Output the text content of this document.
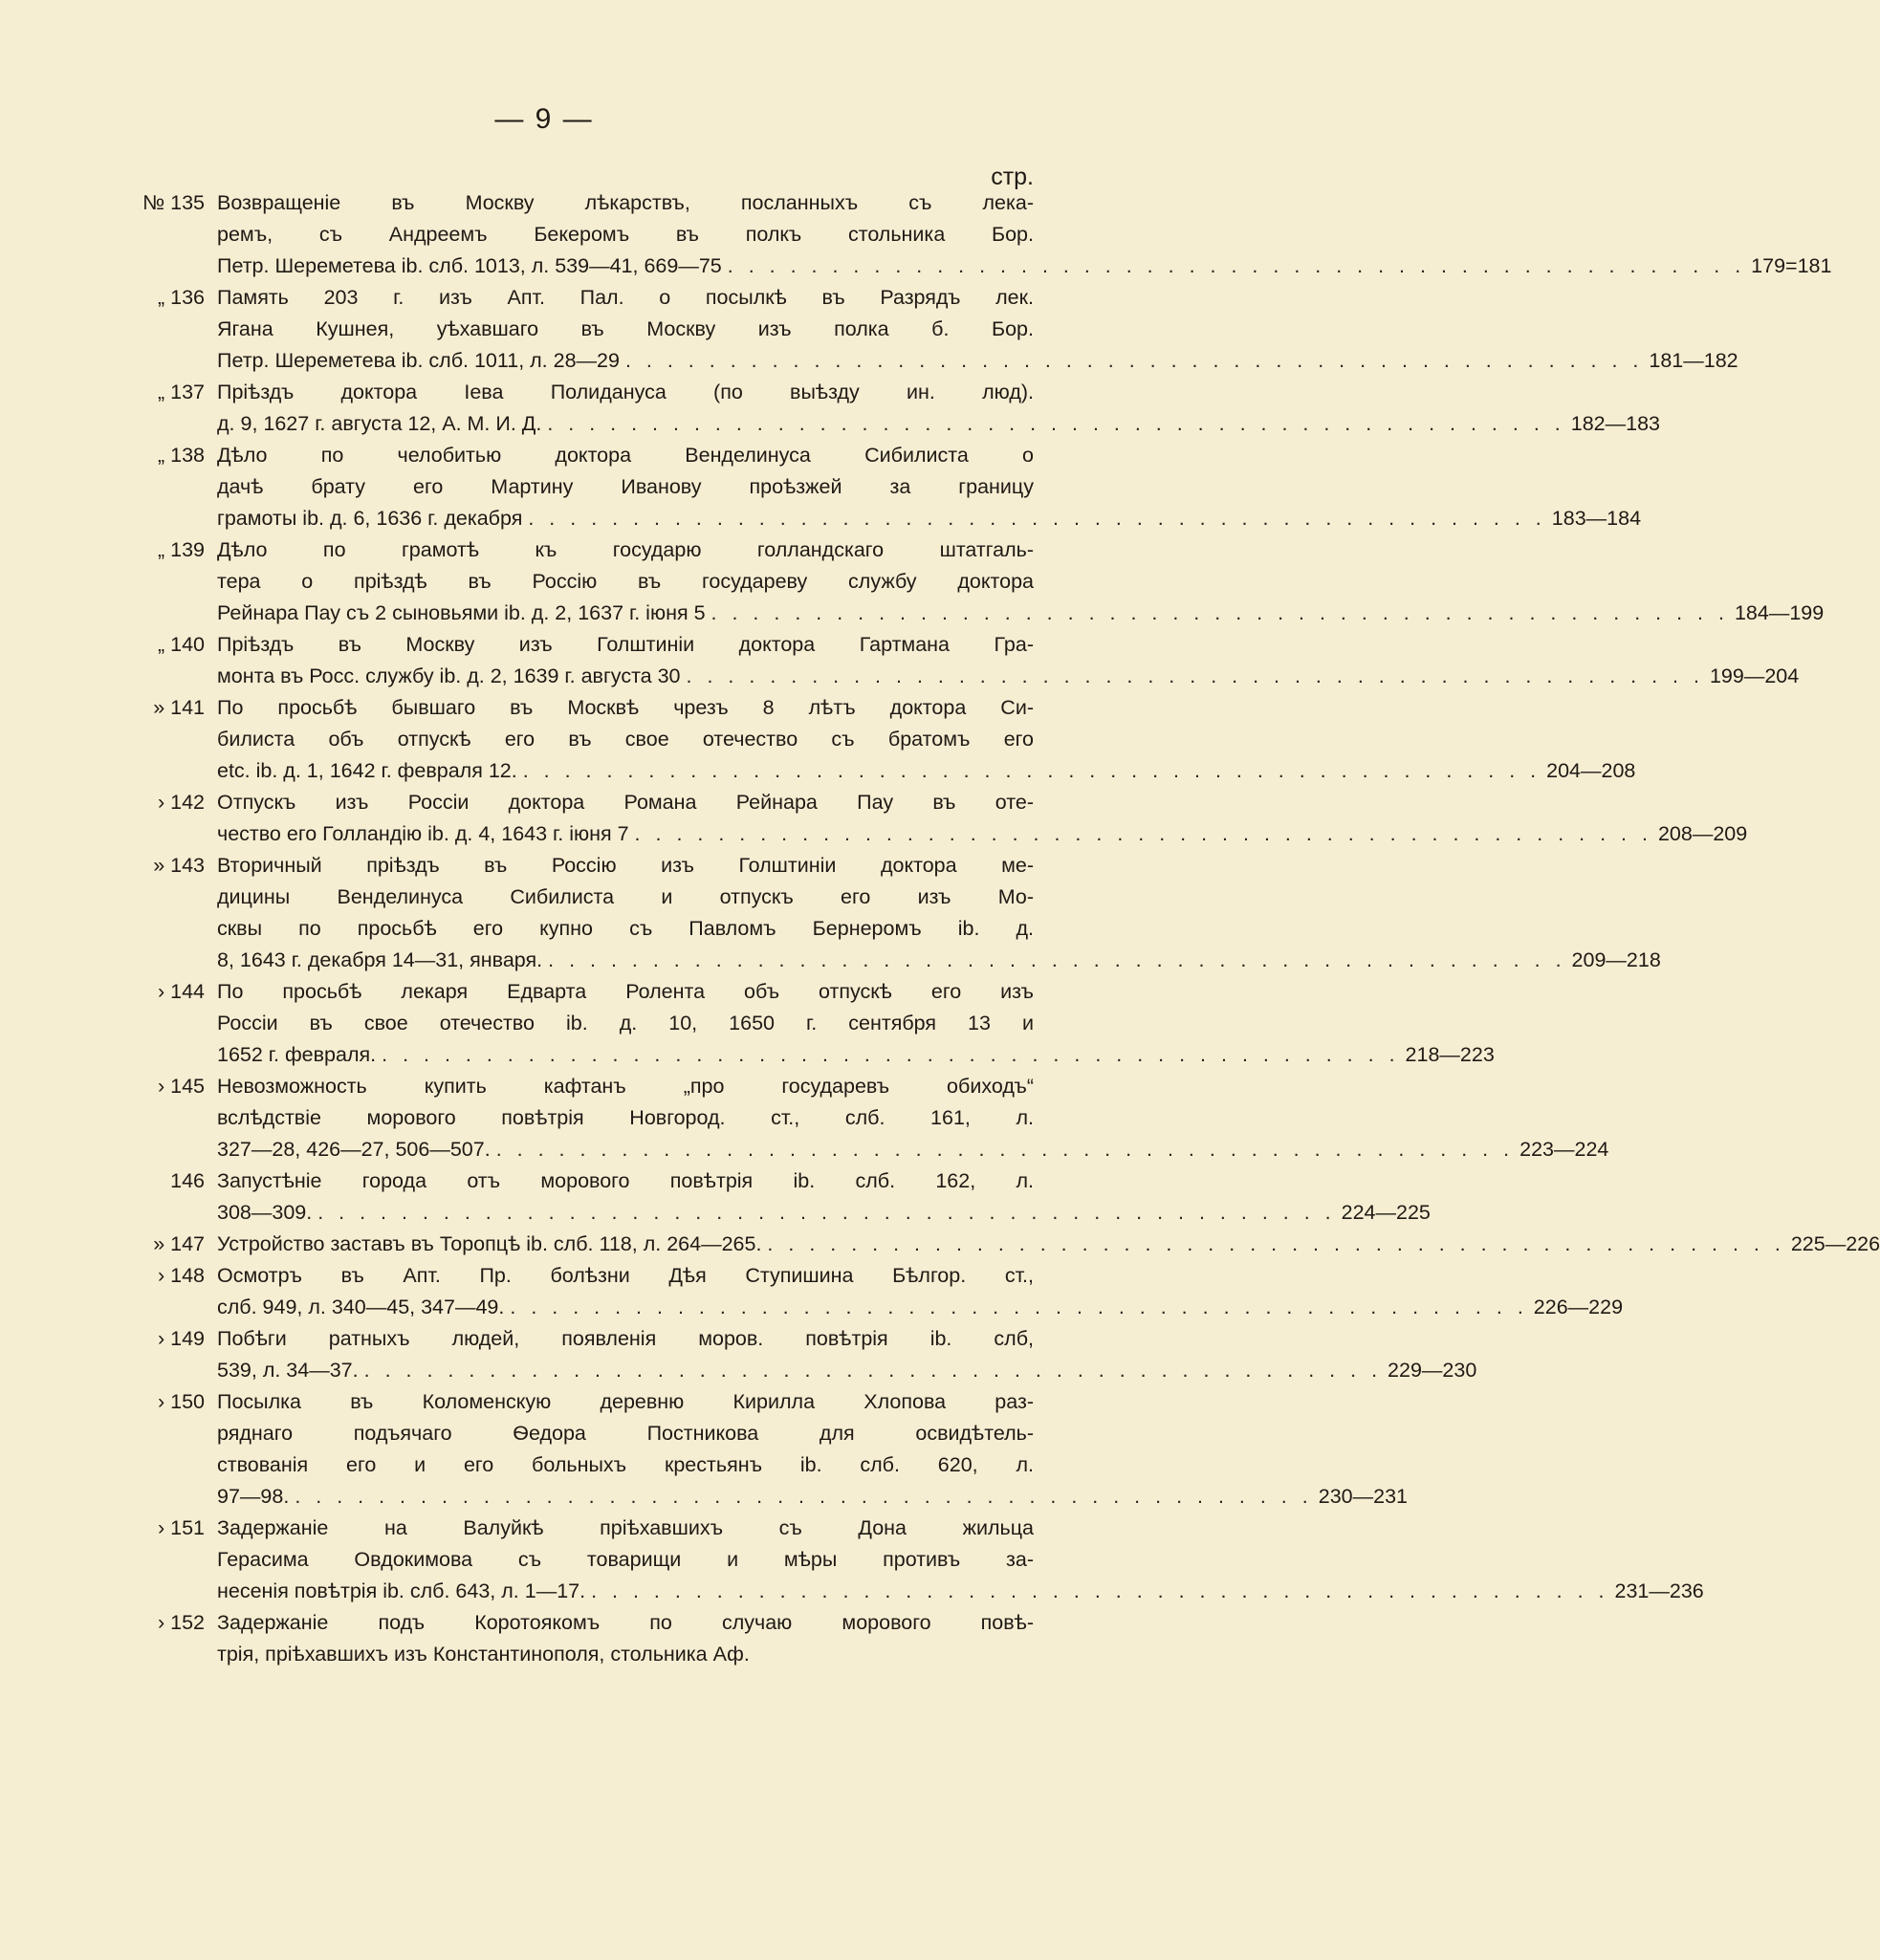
— 9 —
стр.
№ 135 Возвращеніе въ Москву лѣкарствъ, посланныхъ съ лека-
ремъ, съ Андреемъ Бекеромъ въ полкъ стольника Бор.
Петр. Шереметева ib. слб. 1013, л. 539—41, 669—75 . . . . . . . . . . . . . . . . . . . . . . . . . . . . . . . . . . . . . . . . . . . . . . . . . 179=181
„ 136 Память 203 г. изъ Апт. Пал. о посылкѣ въ Разрядъ лек.
Ягана Кушнея, уѣхавшаго въ Москву изъ полка б. Бор.
Петр. Шереметева ib. слб. 1011, л. 28—29 . . . . . . . . . . . . . . . . . . . . . . . . . . . . . . . . . . . . . . . . . . . . . . . . . 181—182
„ 137 Пріѣздъ доктора Іева Полидануса (по выѣзду ин. люд).
д. 9, 1627 г. августа 12, А. М. И. Д. . . . . . . . . . . . . . . . . . . . . . . . . . . . . . . . . . . . . . . . . . . . . . . . . . 182—183
„ 138 Дѣло по челобитью доктора Венделинуса Сибилиста о
дачѣ брату его Мартину Иванову проѣзжей за границу
грамоты ib. д. 6, 1636 г. декабря . . . . . . . . . . . . . . . . . . . . . . . . . . . . . . . . . . . . . . . . . . . . . . . . . 183—184
„ 139 Дѣло по грамотѣ къ государю голландскаго штатгаль-
тера о пріѣздѣ въ Россію въ государеву службу доктора
Рейнара Пау съ 2 сыновьями ib. д. 2, 1637 г. іюня 5 . . . . . . . . . . . . . . . . . . . . . . . . . . . . . . . . . . . . . . . . . . . . . . . . . 184—199
„ 140 Пріѣздъ въ Москву изъ Голштиніи доктора Гартмана Гра-
монта въ Росс. службу ib. д. 2, 1639 г. августа 30 . . . . . . . . . . . . . . . . . . . . . . . . . . . . . . . . . . . . . . . . . . . . . . . . . 199—204
» 141 По просьбѣ бывшаго въ Москвѣ чрезъ 8 лѣтъ доктора Си-
билиста объ отпускѣ его въ свое отечество съ братомъ его
etc. ib. д. 1, 1642 г. февраля 12. . . . . . . . . . . . . . . . . . . . . . . . . . . . . . . . . . . . . . . . . . . . . . . . . . 204—208
› 142 Отпускъ изъ Россіи доктора Романа Рейнара Пау въ оте-
чество его Голландію ib. д. 4, 1643 г. іюня 7 . . . . . . . . . . . . . . . . . . . . . . . . . . . . . . . . . . . . . . . . . . . . . . . . . 208—209
» 143 Вторичный пріѣздъ въ Россію изъ Голштиніи доктора ме-
дицины Венделинуса Сибилиста и отпускъ его изъ Мо-
сквы по просьбѣ его купно съ Павломъ Бернеромъ ib. д.
8, 1643 г. декабря 14—31, января. . . . . . . . . . . . . . . . . . . . . . . . . . . . . . . . . . . . . . . . . . . . . . . . . . 209—218
› 144 По просьбѣ лекаря Едварта Ролента объ отпускѣ его изъ
Россіи въ свое отечество ib. д. 10, 1650 г. сентября 13 и
1652 г. февраля. . . . . . . . . . . . . . . . . . . . . . . . . . . . . . . . . . . . . . . . . . . . . . . . . . 218—223
› 145 Невозможность купить кафтанъ „про государевъ обиходъ“
вслѣдствіе морового повѣтрія Новгород. ст., слб. 161, л.
327—28, 426—27, 506—507. . . . . . . . . . . . . . . . . . . . . . . . . . . . . . . . . . . . . . . . . . . . . . . . . . 223—224
146 Запустѣніе города отъ морового повѣтрія ib. слб. 162, л.
308—309. . . . . . . . . . . . . . . . . . . . . . . . . . . . . . . . . . . . . . . . . . . . . . . . . . 224—225
» 147 Устройство заставъ въ Торопцѣ ib. слб. 118, л. 264—265. . . . . . . . . . . . . . . . . . . . . . . . . . . . . . . . . . . . . . . . . . . . . . . . . . 225—226
› 148 Осмотръ въ Апт. Пр. болѣзни Дѣя Ступишина Бѣлгор. ст.,
слб. 949, л. 340—45, 347—49. . . . . . . . . . . . . . . . . . . . . . . . . . . . . . . . . . . . . . . . . . . . . . . . . . 226—229
› 149 Побѣги ратныхъ людей, появленія моров. повѣтрія ib. слб,
539, л. 34—37. . . . . . . . . . . . . . . . . . . . . . . . . . . . . . . . . . . . . . . . . . . . . . . . . . 229—230
› 150 Посылка въ Коломенскую деревню Кирилла Хлопова раз-
ряднаго подъячаго Ѳедора Постникова для освидѣтель-
ствованія его и его больныхъ крестьянъ ib. слб. 620, л.
97—98. . . . . . . . . . . . . . . . . . . . . . . . . . . . . . . . . . . . . . . . . . . . . . . . . . 230—231
› 151 Задержаніе на Валуйкѣ пріѣхавшихъ съ Дона жильца
Герасима Овдокимова съ товарищи и мѣры противъ за-
несенія повѣтрія ib. слб. 643, л. 1—17. . . . . . . . . . . . . . . . . . . . . . . . . . . . . . . . . . . . . . . . . . . . . . . . . . 231—236
› 152 Задержаніе подъ Коротоякомъ по случаю морового повѣ-
трія, пріѣхавшихъ изъ Константинополя, стольника Аф.
